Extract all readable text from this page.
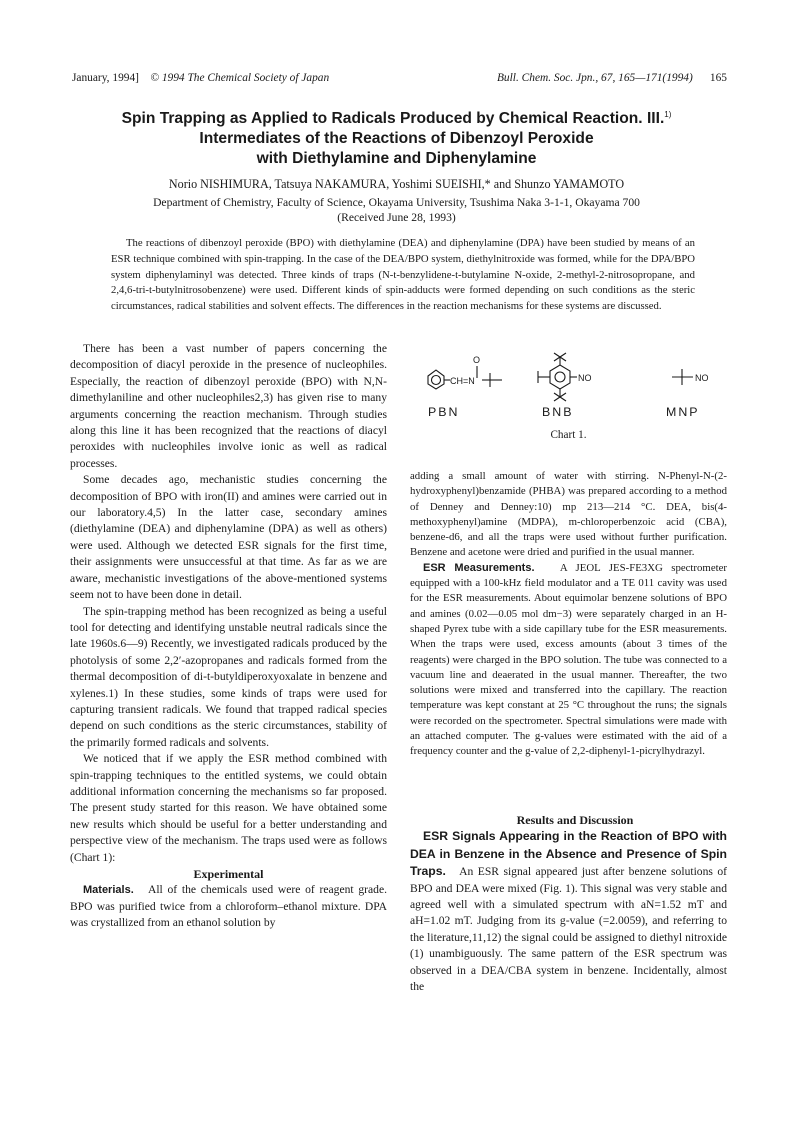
January, 1994] © 1994 The Chemical Society of Japan	Bull. Chem. Soc. Jpn., 67, 165—171(1994) 165
Spin Trapping as Applied to Radicals Produced by Chemical Reaction. III.$^{1)}$
Intermediates of the Reactions of Dibenzoyl Peroxide
with Diethylamine and Diphenylamine
Norio NISHIMURA, Tatsuya NAKAMURA, Yoshimi SUEISHI,* and Shunzo YAMAMOTO
Department of Chemistry, Faculty of Science, Okayama University, Tsushima Naka 3-1-1, Okayama 700
(Received June 28, 1993)

The reactions of dibenzoyl peroxide (BPO) with diethylamine (DEA) and diphenylamine (DPA) have been studied by means of an ESR technique combined with spin-trapping. In the case of the DEA/BPO system, diethylnitroxide was formed, while for the DPA/BPO system diphenylaminyl was detected. Three kinds of traps (N-t-benzylidene-t-butylamine N-oxide, 2-methyl-2-nitrosopropane, and 2,4,6-tri-t-butylnitrosobenzene) were used. Different kinds of spin-adducts were formed depending on such conditions as the steric circumstances, radical stabilities and solvent effects. The differences in the reaction mechanisms for these systems are discussed.

There has been a vast number of papers concerning the decomposition of diacyl peroxide in the presence of nucleophiles. Especially, the reaction of dibenzoyl peroxide (BPO) with N,N-dimethylaniline and other nucleophiles2,3) has given rise to many arguments concerning the reaction mechanism. Through studies along this line it has been recognized that the reactions of diacyl peroxides with nucleophiles involve ionic as well as radical processes.

Some decades ago, mechanistic studies concerning the decomposition of BPO with iron(II) and amines were carried out in our laboratory.4,5) In the latter case, secondary amines (diethylamine (DEA) and diphenylamine (DPA) as well as others) were used. Although we detected ESR signals for the first time, their assignments were unsuccessful at that time. As far as we are aware, mechanistic investigations of the above-mentioned systems seem not to have been done in detail.

The spin-trapping method has been recognized as being a useful tool for detecting and identifying unstable neutral radicals since the late 1960s.6—9) Recently, we investigated radicals produced by the photolysis of some 2,2′-azopropanes and radicals formed from the thermal decomposition of di-t-butyldiperoxyoxalate in benzene and xylenes.1) In these studies, some kinds of traps were used for capturing transient radicals. We found that trapped radical species depend on such conditions as the steric circumstances, stability of the primarily formed radicals and solvents.

We noticed that if we apply the ESR method combined with spin-trapping techniques to the entitled systems, we could obtain additional information concerning the mechanisms so far proposed. The present study started for this reason. We have obtained some new results which should be useful for a better understanding and perspective view of the mechanism. The traps used were as follows (Chart 1):

Experimental

Materials. All of the chemicals used were of reagent grade. BPO was purified twice from a chloroform–ethanol mixture. DPA was crystallized from an ethanol solution by

CH=N
O
NO	NO
PBN	BNB	MNP
Chart 1.

adding a small amount of water with stirring. N-Phenyl-N-(2-hydroxyphenyl)benzamide (PHBA) was prepared according to a method of Denney and Denney:10) mp 213—214 °C. DEA, bis(4-methoxyphenyl)amine (MDPA), m-chloroperbenzoic acid (CBA), benzene-d6, and all the traps were used without further purification. Benzene and acetone were dried and purified in the usual manner.

ESR Measurements. A JEOL JES-FE3XG spectrometer equipped with a 100-kHz field modulator and a TE 011 cavity was used for the ESR measurements. About equimolar benzene solutions of BPO and amines (0.02—0.05 mol dm−3) were separately charged in an H-shaped Pyrex tube with a side capillary tube for the ESR measurements. When the traps were used, excess amounts (about 3 times of the reagents) were charged in the BPO solution. The tube was connected to a vacuum line and deaerated in the usual manner. Thereafter, the two solutions were mixed and transferred into the capillary. The reaction temperature was kept constant at 25 °C throughout the runs; the signals were recorded on the spectrometer. Spectral simulations were made with an attached computer. The g-values were estimated with the aid of a frequency counter and the g-value of 2,2-diphenyl-1-picrylhydrazyl.

Results and Discussion

ESR Signals Appearing in the Reaction of BPO with DEA in Benzene in the Absence and Presence of Spin Traps. An ESR signal appeared just after benzene solutions of BPO and DEA were mixed (Fig. 1). This signal was very stable and agreed well with a simulated spectrum with aN=1.52 mT and aH=1.02 mT. Judging from its g-value (=2.0059), and referring to the literature,11,12) the signal could be assigned to diethyl nitroxide (1) unambiguously. The same pattern of the ESR spectrum was observed in a DEA/CBA system in benzene. Incidentally, almost the
